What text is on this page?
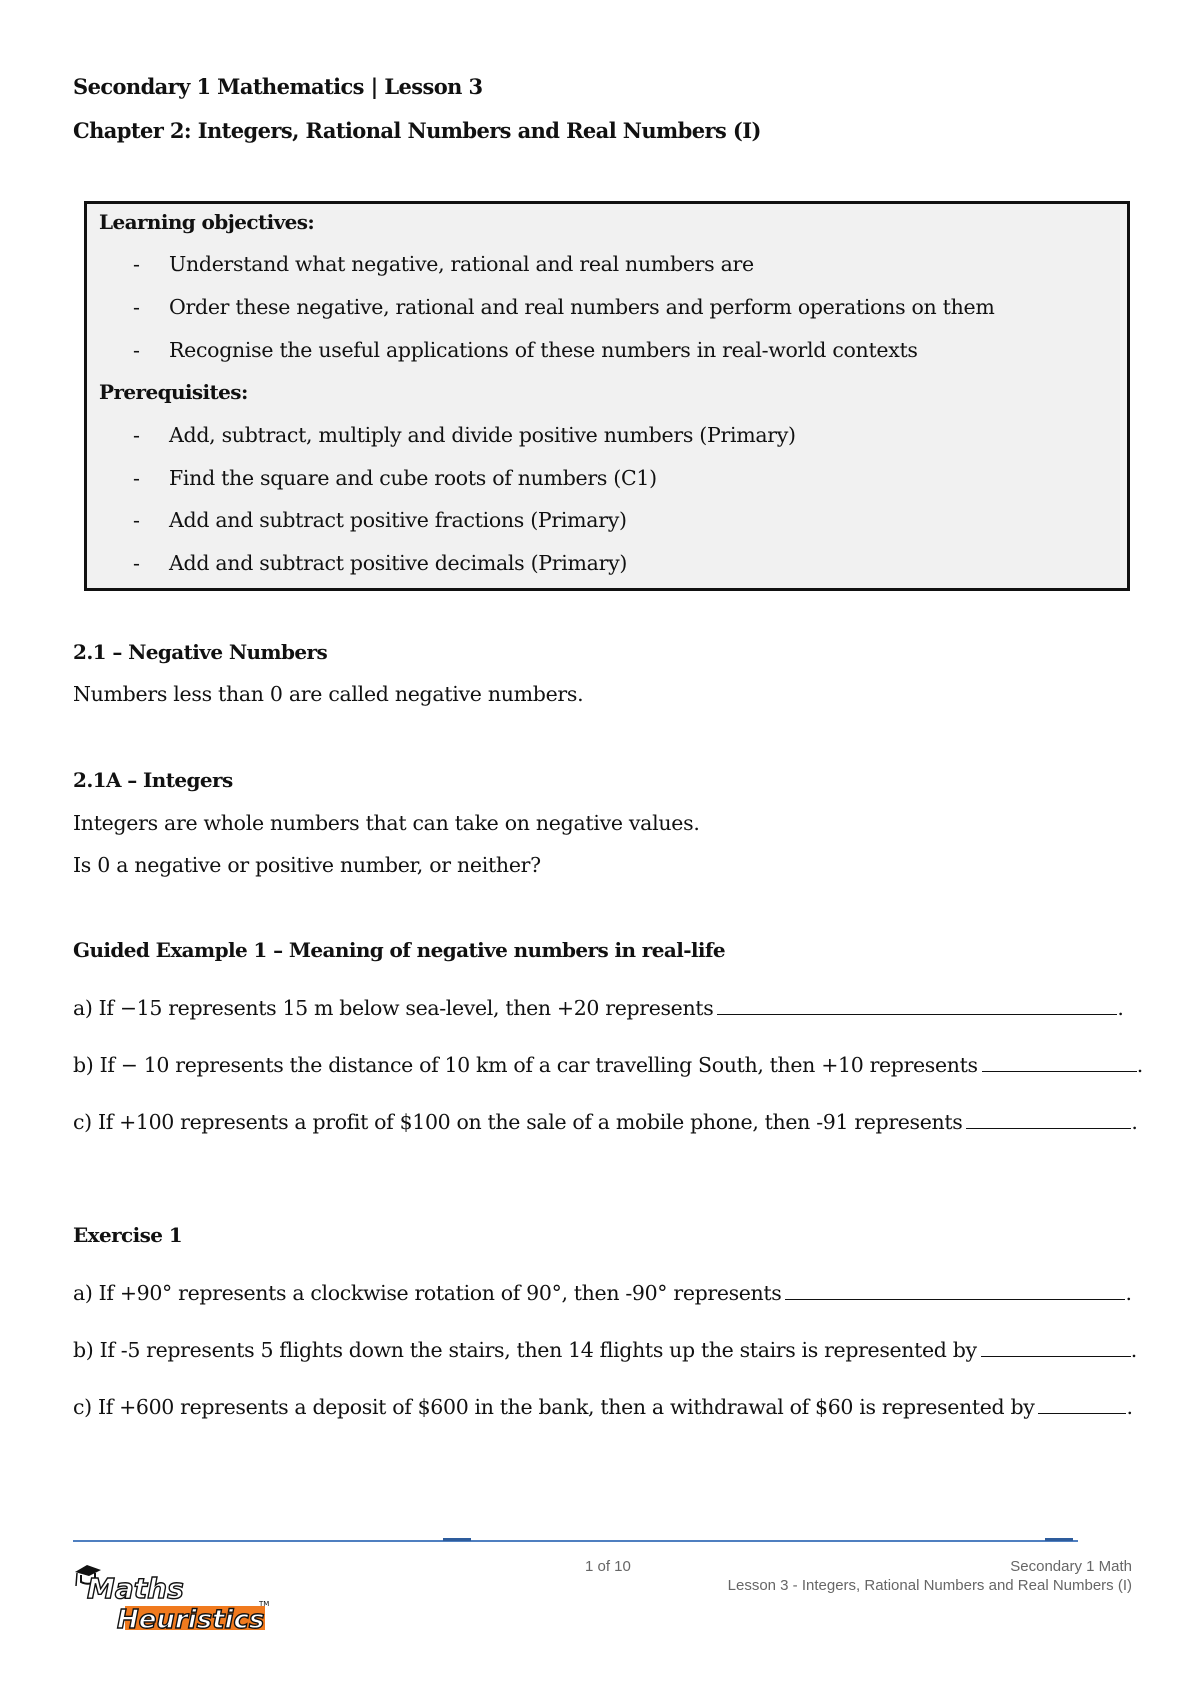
Secondary 1 Mathematics | Lesson 3
Chapter 2: Integers, Rational Numbers and Real Numbers (I)
Learning objectives:
- Understand what negative, rational and real numbers are
- Order these negative, rational and real numbers and perform operations on them
- Recognise the useful applications of these numbers in real-world contexts
Prerequisites:
- Add, subtract, multiply and divide positive numbers (Primary)
- Find the square and cube roots of numbers (C1)
- Add and subtract positive fractions (Primary)
- Add and subtract positive decimals (Primary)
2.1 – Negative Numbers
Numbers less than 0 are called negative numbers.
2.1A – Integers
Integers are whole numbers that can take on negative values.
Is 0 a negative or positive number, or neither?
Guided Example 1 – Meaning of negative numbers in real-life
a) If −15 represents 15 m below sea-level, then +20 represents	.
b) If − 10 represents the distance of 10 km of a car travelling South, then +10 represents	.
c) If +100 represents a profit of $100 on the sale of a mobile phone, then -91 represents	.
Exercise 1
a) If +90° represents a clockwise rotation of 90°, then -90° represents	.
b) If -5 represents 5 flights down the stairs, then 14 flights up the stairs is represented by	.
c) If +600 represents a deposit of $600 in the bank, then a withdrawal of $60 is represented by	.
Maths
Heuristics
TM
1 of 10	Secondary 1 Math
Lesson 3 - Integers, Rational Numbers and Real Numbers (I)
